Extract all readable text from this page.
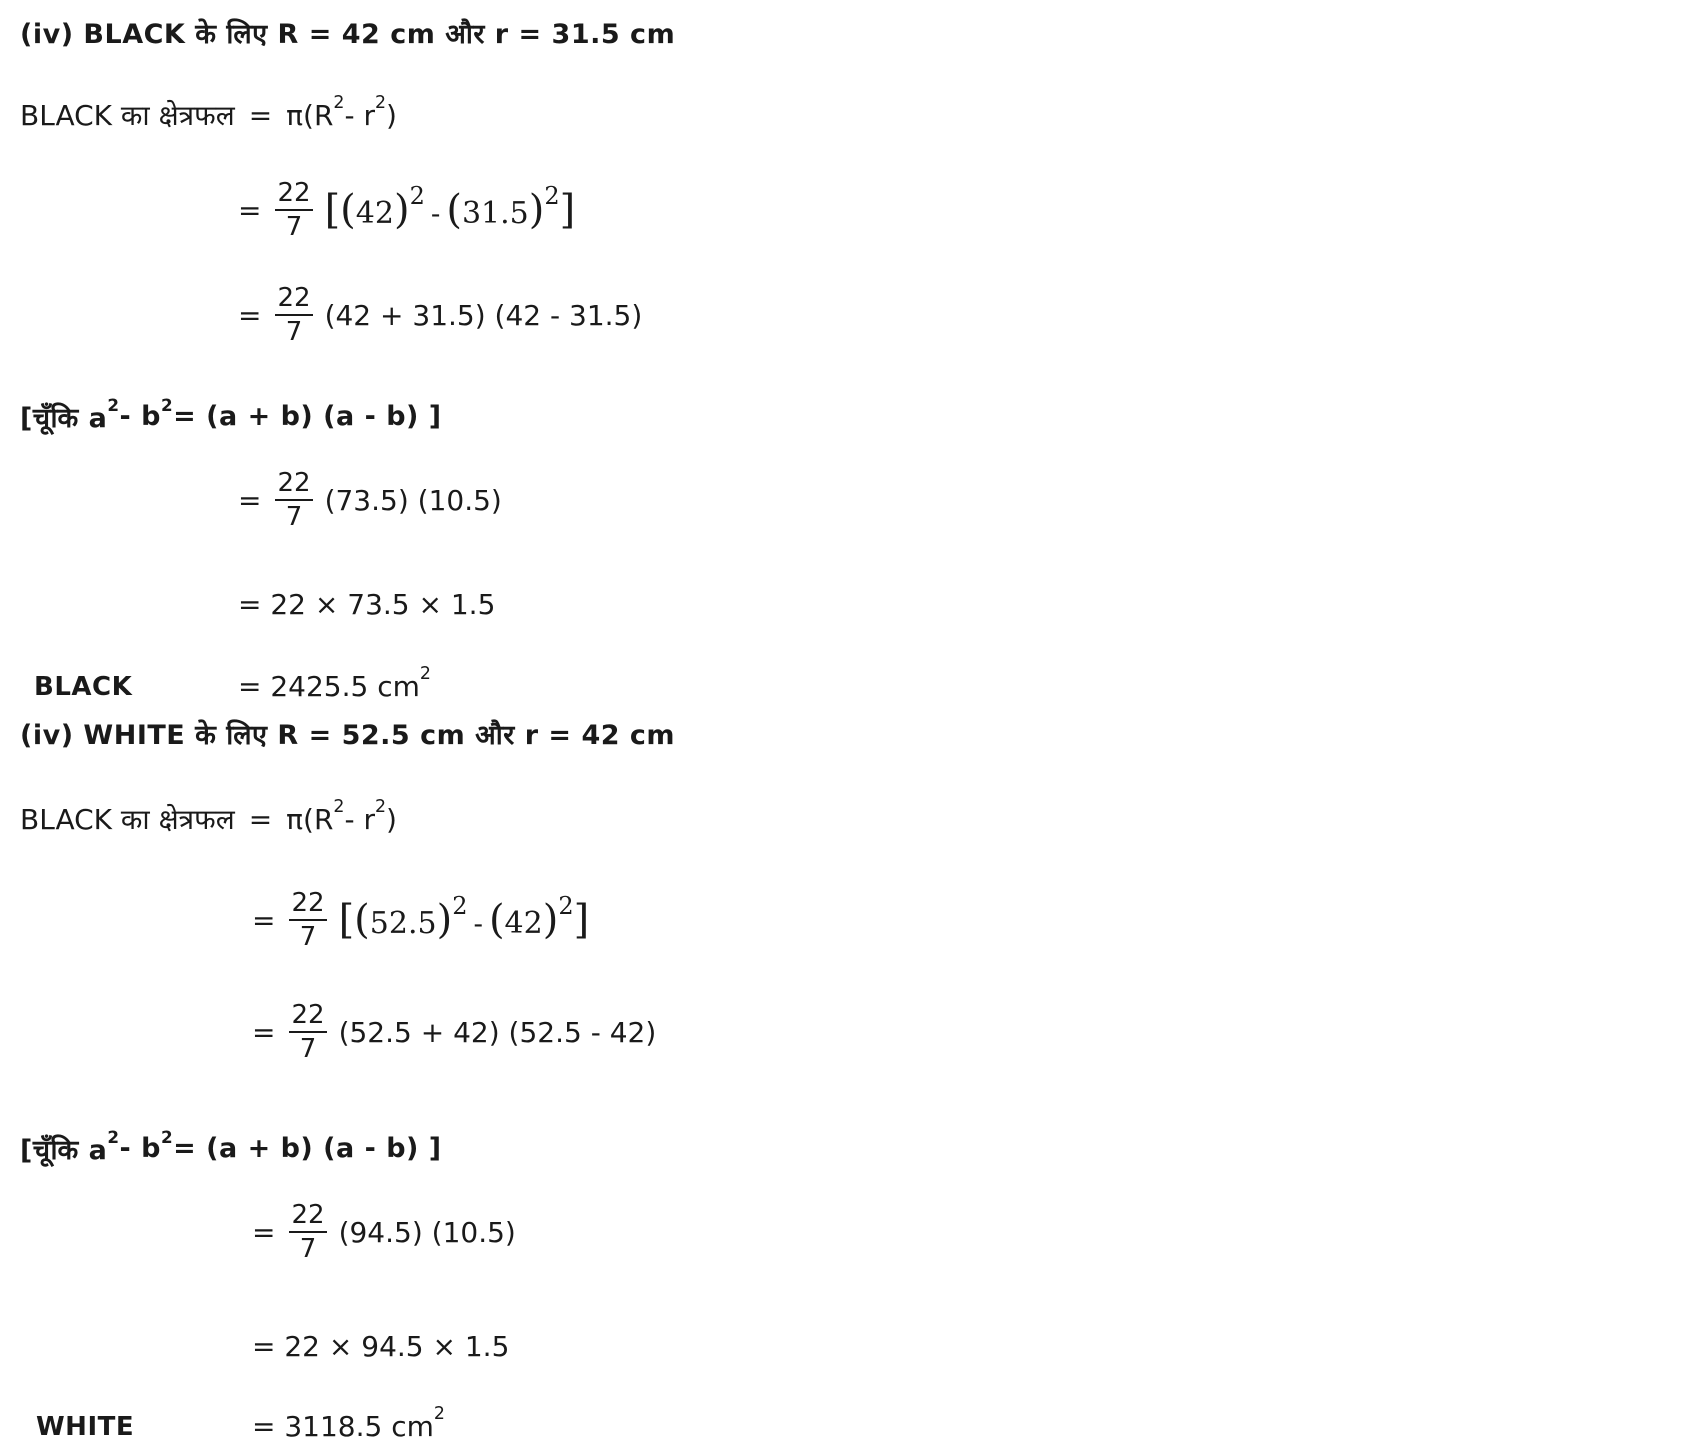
(iv) BLACK के लिए R = 42 cm और r = 31.5 cm
BLACK का क्षेत्रफल = $\pi(R^2 - r^2$ )
= $\frac{22}{7} [(42)^2-$ $(31.5)^2$]
= $\frac{22}{7} (42 + 31.5)$ (42 - 31.5)
[चूँकि $a^2 - b^2 = (a + b)$ (a - b) ]
= $\frac{22}{7} (73.5)$ (10.5)
= 22 × 73.5 × 1.5
BLACK	= 2425.5 $cm^2$
(iv) WHITE के लिए R = 52.5 cm और r = 42 cm
BLACK का क्षेत्रफल = $\pi(R^2 - r^2$ )
= $\frac{22}{7} [(52.5)^2-$ $(42)^2$]
= $\frac{22}{7} (52.5 + 42)$ (52.5 - 42)
[चूँकि $a^2 - b^2 = (a + b)$ (a - b) ]
= $\frac{22}{7} (94.5)$ (10.5)
= 22 × 94.5 × 1.5
WHITE	= 3118.5 $cm^2$
